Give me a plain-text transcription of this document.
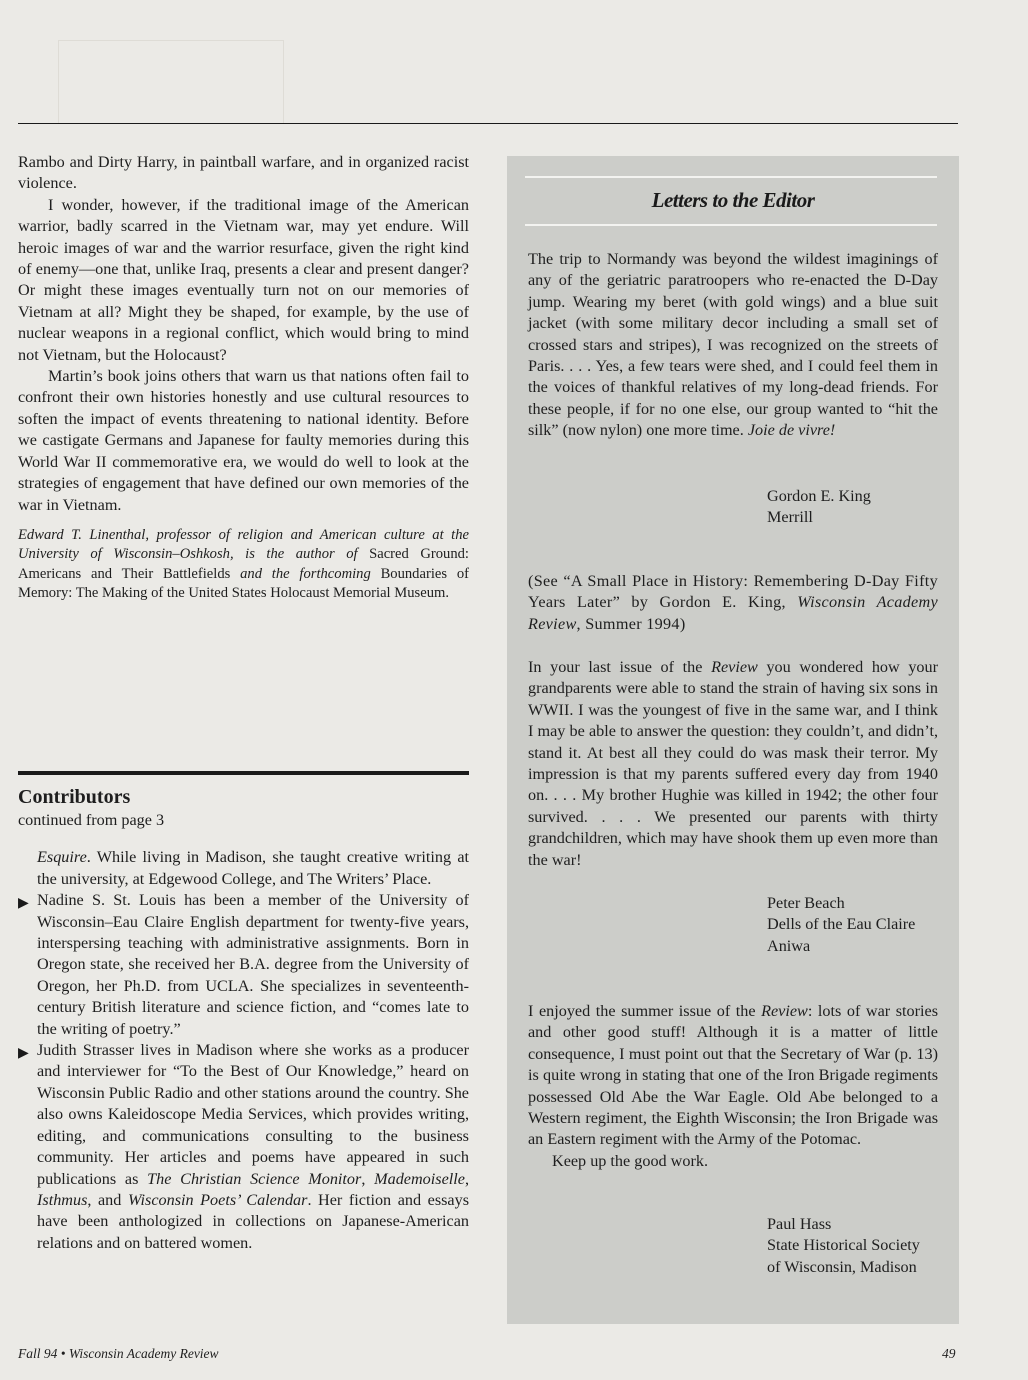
Rambo and Dirty Harry, in paintball warfare, and in organized racist violence.

I wonder, however, if the traditional image of the American warrior, badly scarred in the Vietnam war, may yet endure. Will heroic images of war and the warrior resurface, given the right kind of enemy—one that, unlike Iraq, presents a clear and present danger? Or might these images eventually turn not on our memories of Vietnam at all? Might they be shaped, for example, by the use of nuclear weapons in a regional conflict, which would bring to mind not Vietnam, but the Holocaust?

Martin’s book joins others that warn us that nations often fail to confront their own histories honestly and use cultural resources to soften the impact of events threatening to national identity. Before we castigate Germans and Japanese for faulty memories during this World War II commemorative era, we would do well to look at the strategies of engagement that have defined our own memories of the war in Vietnam.

Edward T. Linenthal, professor of religion and American culture at the University of Wisconsin–Oshkosh, is the author of Sacred Ground: Americans and Their Battlefields and the forthcoming Boundaries of Memory: The Making of the United States Holocaust Memorial Museum.

Contributors

continued from page 3

Esquire. While living in Madison, she taught creative writing at the university, at Edgewood College, and The Writers’ Place.

▶ Nadine S. St. Louis has been a member of the University of Wisconsin–Eau Claire English department for twenty-five years, interspersing teaching with administrative assignments. Born in Oregon state, she received her B.A. degree from the University of Oregon, her Ph.D. from UCLA. She specializes in seventeenth-century British literature and science fiction, and “comes late to the writing of poetry.”

▶ Judith Strasser lives in Madison where she works as a producer and interviewer for “To the Best of Our Knowledge,” heard on Wisconsin Public Radio and other stations around the country. She also owns Kaleidoscope Media Services, which provides writing, editing, and communications consulting to the business community. Her articles and poems have appeared in such publications as The Christian Science Monitor, Mademoiselle, Isthmus, and Wisconsin Poets’ Calendar. Her fiction and essays have been anthologized in collections on Japanese-American relations and on battered women.

Letters to the Editor

The trip to Normandy was beyond the wildest imaginings of any of the geriatric paratroopers who re-enacted the D-Day jump. Wearing my beret (with gold wings) and a blue suit jacket (with some military decor including a small set of crossed stars and stripes), I was recognized on the streets of Paris. . . . Yes, a few tears were shed, and I could feel them in the voices of thankful relatives of my long-dead friends. For these people, if for no one else, our group wanted to “hit the silk” (now nylon) one more time. Joie de vivre!

Gordon E. King
Merrill

(See “A Small Place in History: Remembering D-Day Fifty Years Later” by Gordon E. King, Wisconsin Academy Review, Summer 1994)

In your last issue of the Review you wondered how your grandparents were able to stand the strain of having six sons in WWII. I was the youngest of five in the same war, and I think I may be able to answer the question: they couldn’t, and didn’t, stand it. At best all they could do was mask their terror. My impression is that my parents suffered every day from 1940 on. . . . My brother Hughie was killed in 1942; the other four survived. . . . We presented our parents with thirty grandchildren, which may have shook them up even more than the war!

Peter Beach
Dells of the Eau Claire
Aniwa

I enjoyed the summer issue of the Review: lots of war stories and other good stuff! Although it is a matter of little consequence, I must point out that the Secretary of War (p. 13) is quite wrong in stating that one of the Iron Brigade regiments possessed Old Abe the War Eagle. Old Abe belonged to a Western regiment, the Eighth Wisconsin; the Iron Brigade was an Eastern regiment with the Army of the Potomac.

Keep up the good work.

Paul Hass
State Historical Society
of Wisconsin, Madison
Fall 94 • Wisconsin Academy Review	49
